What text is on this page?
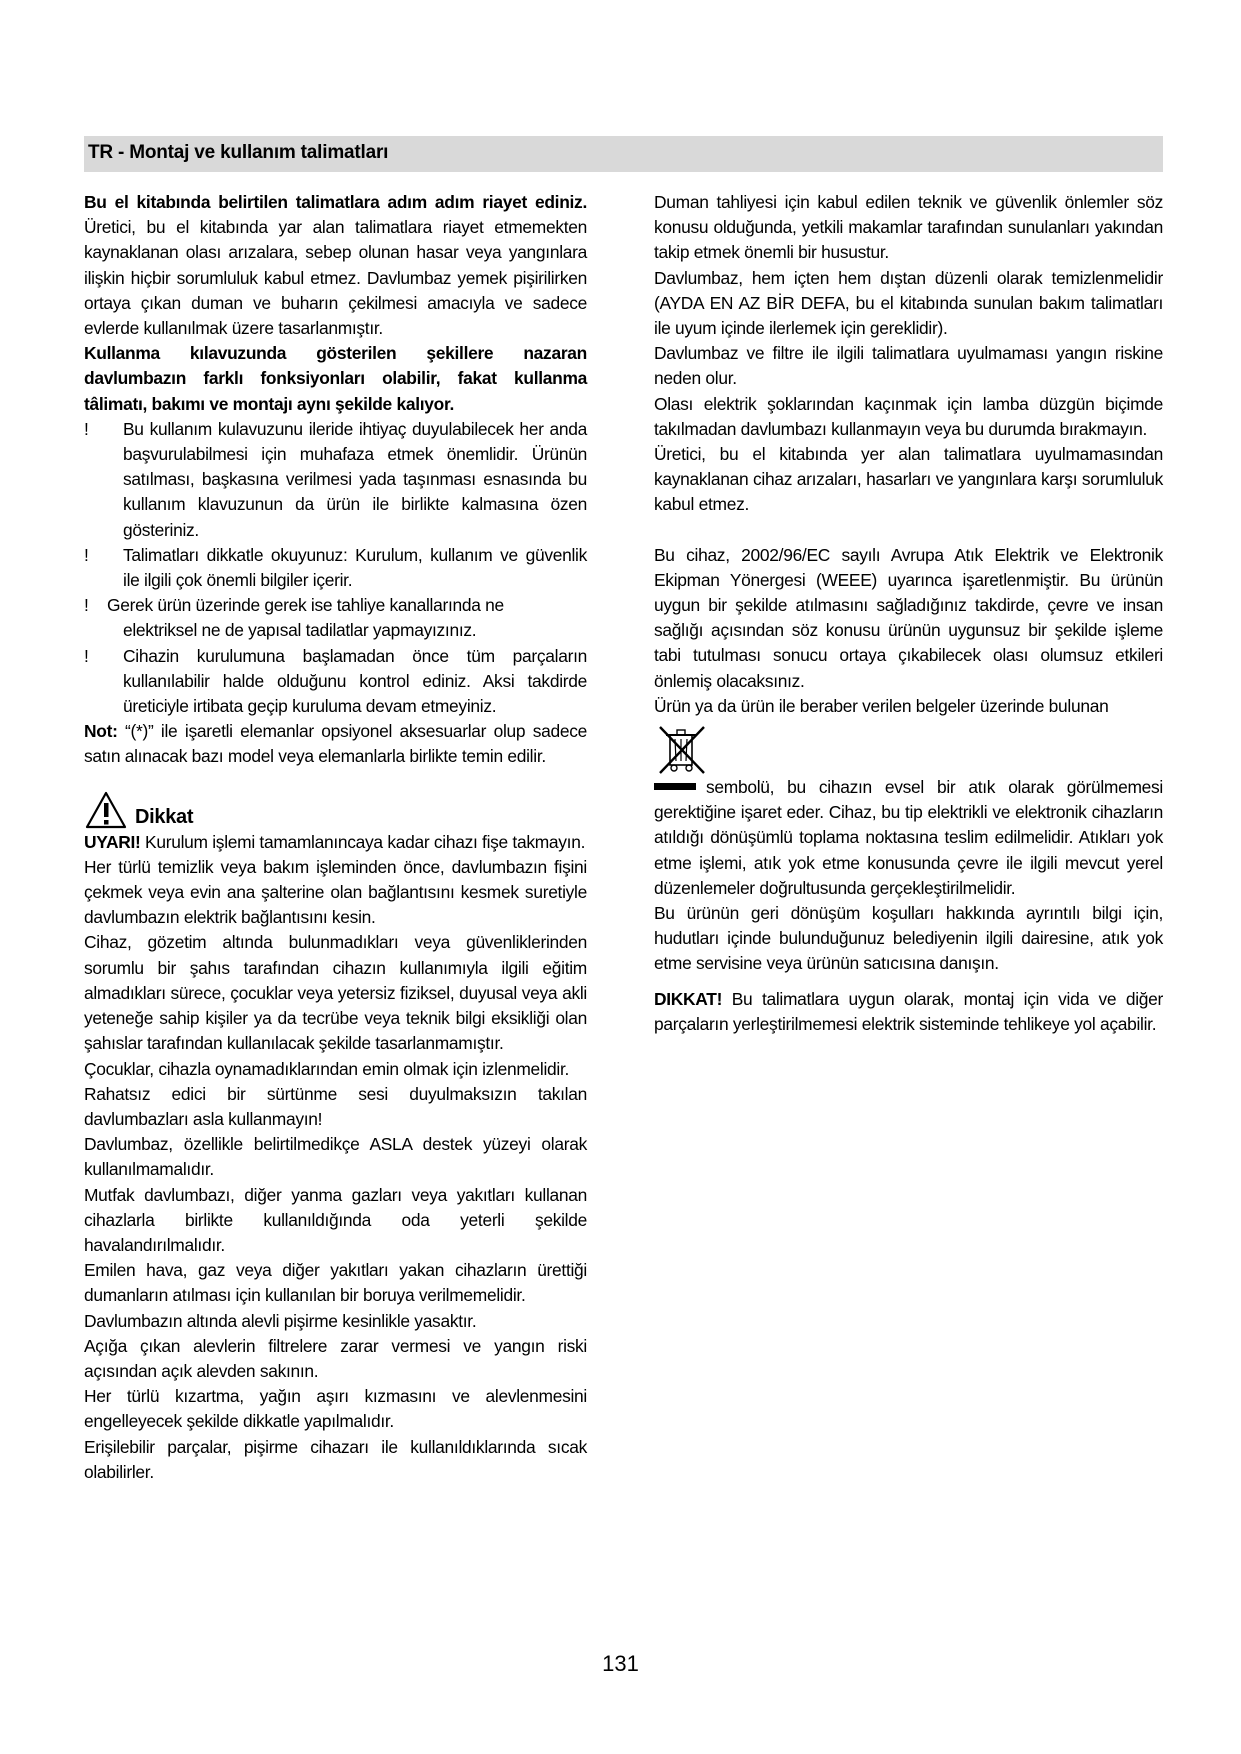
TR - Montaj ve kullanım talimatları

Bu el kitabında belirtilen talimatlara adım adım riayet ediniz. Üretici, bu el kitabında yar alan talimatlara riayet etmemekten kaynaklanan olası arızalara, sebep olunan hasar veya yangınlara ilişkin hiçbir sorumluluk kabul etmez. Davlumbaz yemek pişirilirken ortaya çıkan duman ve buharın çekilmesi amacıyla ve sadece evlerde kullanılmak üzere tasarlanmıştır.

Kullanma kılavuzunda gösterilen şekillere nazaran davlumbazın farklı fonksiyonları olabilir, fakat kullanma tâlimatı, bakımı ve montajı aynı şekilde kalıyor.

! Bu kullanım kulavuzunu ileride ihtiyaç duyulabilecek her anda başvurulabilmesi için muhafaza etmek önemlidir. Ürünün satılması, başkasına verilmesi yada taşınması esnasında bu kullanım klavuzunun da ürün ile birlikte kalmasına özen gösteriniz.

! Talimatları dikkatle okuyunuz: Kurulum, kullanım ve güvenlik ile ilgili çok önemli bilgiler içerir.

! Gerek ürün üzerinde gerek ise tahliye kanallarında ne
elektriksel ne de yapısal tadilatlar yapmayızınız.

! Cihazin kurulumuna başlamadan önce tüm parçaların kullanılabilir halde olduğunu kontrol ediniz. Aksi takdirde üreticiyle irtibata geçip kuruluma devam etmeyiniz.

Not: “(*)” ile işaretli elemanlar opsiyonel aksesuarlar olup sadece satın alınacak bazı model veya elemanlarla birlikte temin edilir.

Dikkat

UYARI! Kurulum işlemi tamamlanıncaya kadar cihazı fişe takmayın.

Her türlü temizlik veya bakım işleminden önce, davlumbazın fişini çekmek veya evin ana şalterine olan bağlantısını kesmek suretiyle davlumbazın elektrik bağlantısını kesin.

Cihaz, gözetim altında bulunmadıkları veya güvenliklerinden sorumlu bir şahıs tarafından cihazın kullanımıyla ilgili eğitim almadıkları sürece, çocuklar veya yetersiz fiziksel, duyusal veya akli yeteneğe sahip kişiler ya da tecrübe veya teknik bilgi eksikliği olan şahıslar tarafından kullanılacak şekilde tasarlanmamıştır.

Çocuklar, cihazla oynamadıklarından emin olmak için izlenmelidir.

Rahatsız edici bir sürtünme sesi duyulmaksızın takılan davlumbazları asla kullanmayın!

Davlumbaz, özellikle belirtilmedikçe ASLA destek yüzeyi olarak kullanılmamalıdır.

Mutfak davlumbazı, diğer yanma gazları veya yakıtları kullanan cihazlarla birlikte kullanıldığında oda yeterli şekilde havalandırılmalıdır.

Emilen hava, gaz veya diğer yakıtları yakan cihazların ürettiği dumanların atılması için kullanılan bir boruya verilmemelidir.

Davlumbazın altında alevli pişirme kesinlikle yasaktır.

Açığa çıkan alevlerin filtrelere zarar vermesi ve yangın riski açısından açık alevden sakının.

Her türlü kızartma, yağın aşırı kızmasını ve alevlenmesini engelleyecek şekilde dikkatle yapılmalıdır.

Erişilebilir parçalar, pişirme cihazarı ile kullanıldıklarında sıcak olabilirler.

Duman tahliyesi için kabul edilen teknik ve güvenlik önlemler söz konusu olduğunda, yetkili makamlar tarafından sunulanları yakından takip etmek önemli bir husustur.

Davlumbaz, hem içten hem dıştan düzenli olarak temizlenmelidir (AYDA EN AZ BİR DEFA, bu el kitabında sunulan bakım talimatları ile uyum içinde ilerlemek için gereklidir).

Davlumbaz ve filtre ile ilgili talimatlara uyulmaması yangın riskine neden olur.

Olası elektrik şoklarından kaçınmak için lamba düzgün biçimde takılmadan davlumbazı kullanmayın veya bu durumda bırakmayın.

Üretici, bu el kitabında yer alan talimatlara uyulmamasından kaynaklanan cihaz arızaları, hasarları ve yangınlara karşı sorumluluk kabul etmez.

Bu cihaz, 2002/96/EC sayılı Avrupa Atık Elektrik ve Elektronik Ekipman Yönergesi (WEEE) uyarınca işaretlenmiştir. Bu ürünün uygun bir şekilde atılmasını sağladığınız takdirde, çevre ve insan sağlığı açısından söz konusu ürünün uygunsuz bir şekilde işleme tabi tutulması sonucu ortaya çıkabilecek olası olumsuz etkileri önlemiş olacaksınız.

Ürün ya da ürün ile beraber verilen belgeler üzerinde bulunan

sembolü, bu cihazın evsel bir atık olarak görülmemesi gerektiğine işaret eder. Cihaz, bu tip elektrikli ve elektronik cihazların atıldığı dönüşümlü toplama noktasına teslim edilmelidir. Atıkları yok etme işlemi, atık yok etme konusunda çevre ile ilgili mevcut yerel düzenlemeler doğrultusunda gerçekleştirilmelidir.

Bu ürünün geri dönüşüm koşulları hakkında ayrıntılı bilgi için, hudutları içinde bulunduğunuz belediyenin ilgili dairesine, atık yok etme servisine veya ürünün satıcısına danışın.

DIKKAT! Bu talimatlara uygun olarak, montaj için vida ve diğer parçaların yerleştirilmemesi elektrik sisteminde tehlikeye yol açabilir.

131
